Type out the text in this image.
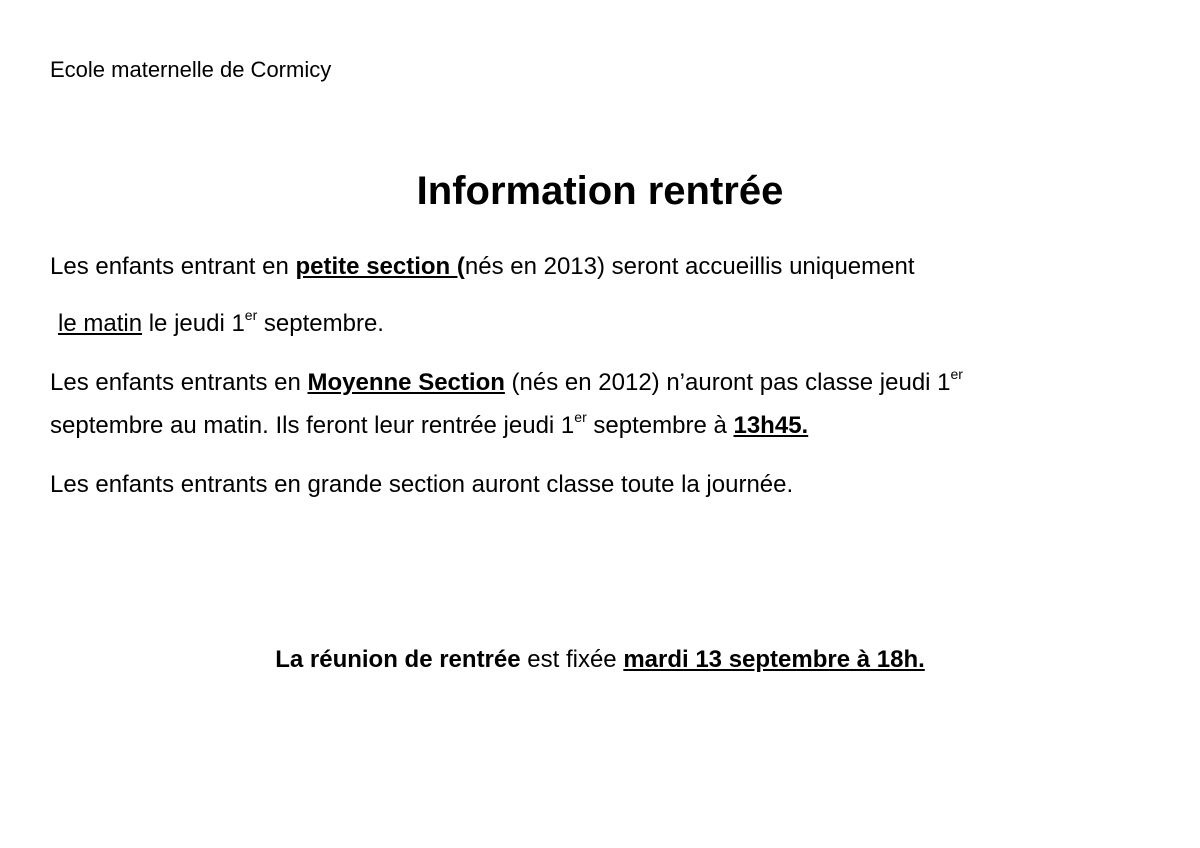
Ecole maternelle de Cormicy
Information rentrée
Les enfants entrant en petite section (nés en 2013) seront accueillis uniquement
le matin le jeudi 1er septembre.
Les enfants entrants en Moyenne Section (nés en 2012) n’auront pas classe jeudi 1er
septembre au matin. Ils feront leur rentrée jeudi 1er septembre à 13h45.
Les enfants entrants en grande section auront classe toute la journée.
La réunion de rentrée est fixée mardi 13 septembre à 18h.
